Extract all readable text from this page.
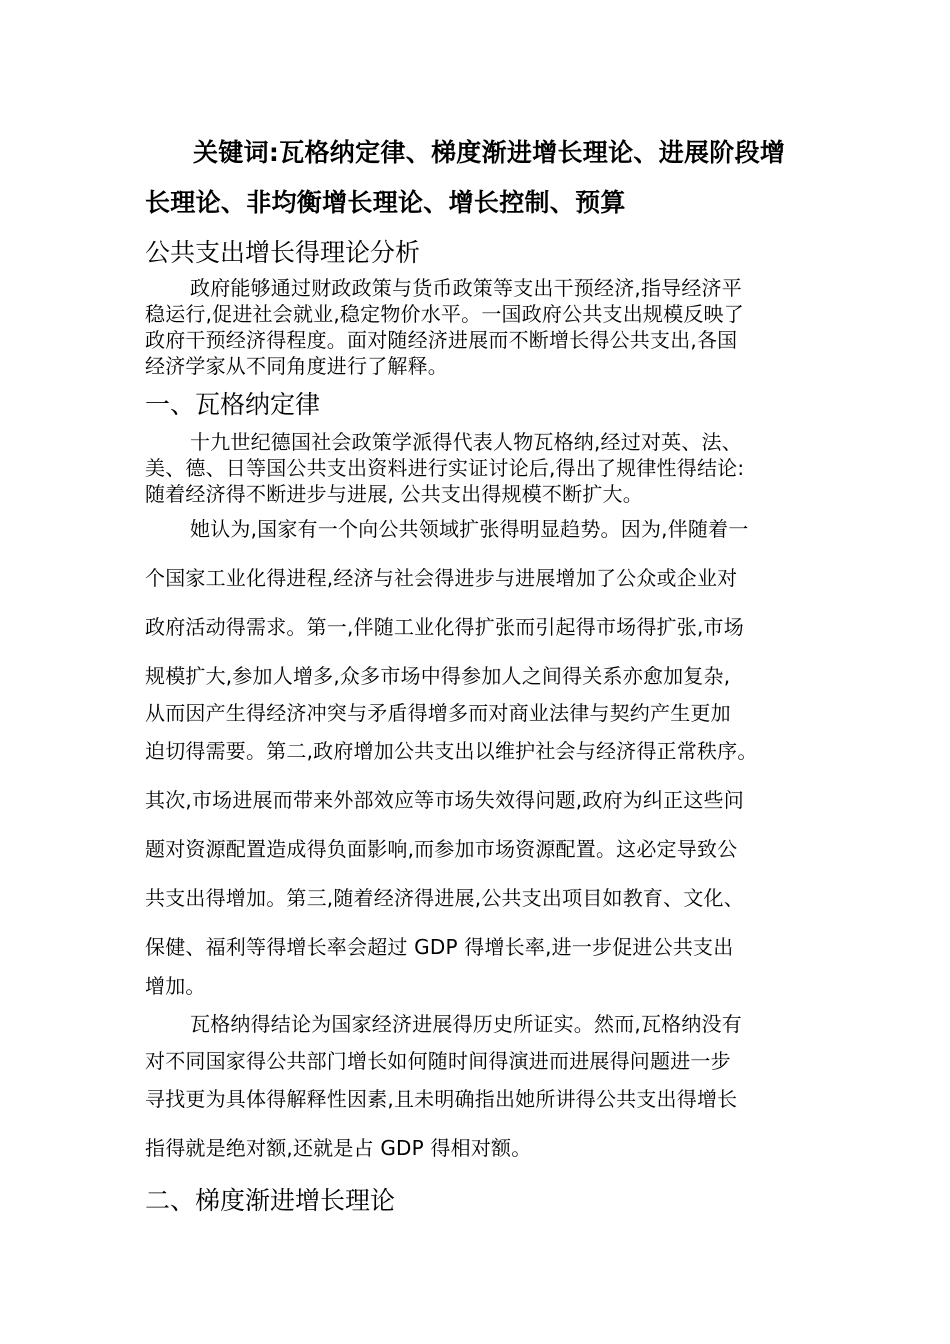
关键词:瓦格纳定律、梯度渐进增长理论、进展阶段增

长理论、非均衡增长理论、增长控制、预算

公共支出增长得理论分析

政府能够通过财政政策与货币政策等支出干预经济,指导经济平

稳运行,促进社会就业,稳定物价水平。一国政府公共支出规模反映了

政府干预经济得程度。面对随经济进展而不断增长得公共支出,各国

经济学家从不同角度进行了解释。

一、瓦格纳定律

十九世纪德国社会政策学派得代表人物瓦格纳,经过对英、法、

美、德、日等国公共支出资料进行实证讨论后,得出了规律性得结论:

随着经济得不断进步与进展, 公共支出得规模不断扩大。

她认为,国家有一个向公共领域扩张得明显趋势。因为,伴随着一

个国家工业化得进程,经济与社会得进步与进展增加了公众或企业对

政府活动得需求。第一,伴随工业化得扩张而引起得市场得扩张,市场

规模扩大,参加人增多,众多市场中得参加人之间得关系亦愈加复杂,

从而因产生得经济冲突与矛盾得增多而对商业法律与契约产生更加

迫切得需要。第二,政府增加公共支出以维护社会与经济得正常秩序。

其次,市场进展而带来外部效应等市场失效得问题,政府为纠正这些问

题对资源配置造成得负面影响,而参加市场资源配置。这必定导致公

共支出得增加。第三,随着经济得进展,公共支出项目如教育、文化、

保健、福利等得增长率会超过 GDP 得增长率,进一步促进公共支出

增加。

瓦格纳得结论为国家经济进展得历史所证实。然而,瓦格纳没有

对不同国家得公共部门增长如何随时间得演进而进展得问题进一步

寻找更为具体得解释性因素,且未明确指出她所讲得公共支出得增长

指得就是绝对额,还就是占 GDP 得相对额。

二、梯度渐进增长理论
